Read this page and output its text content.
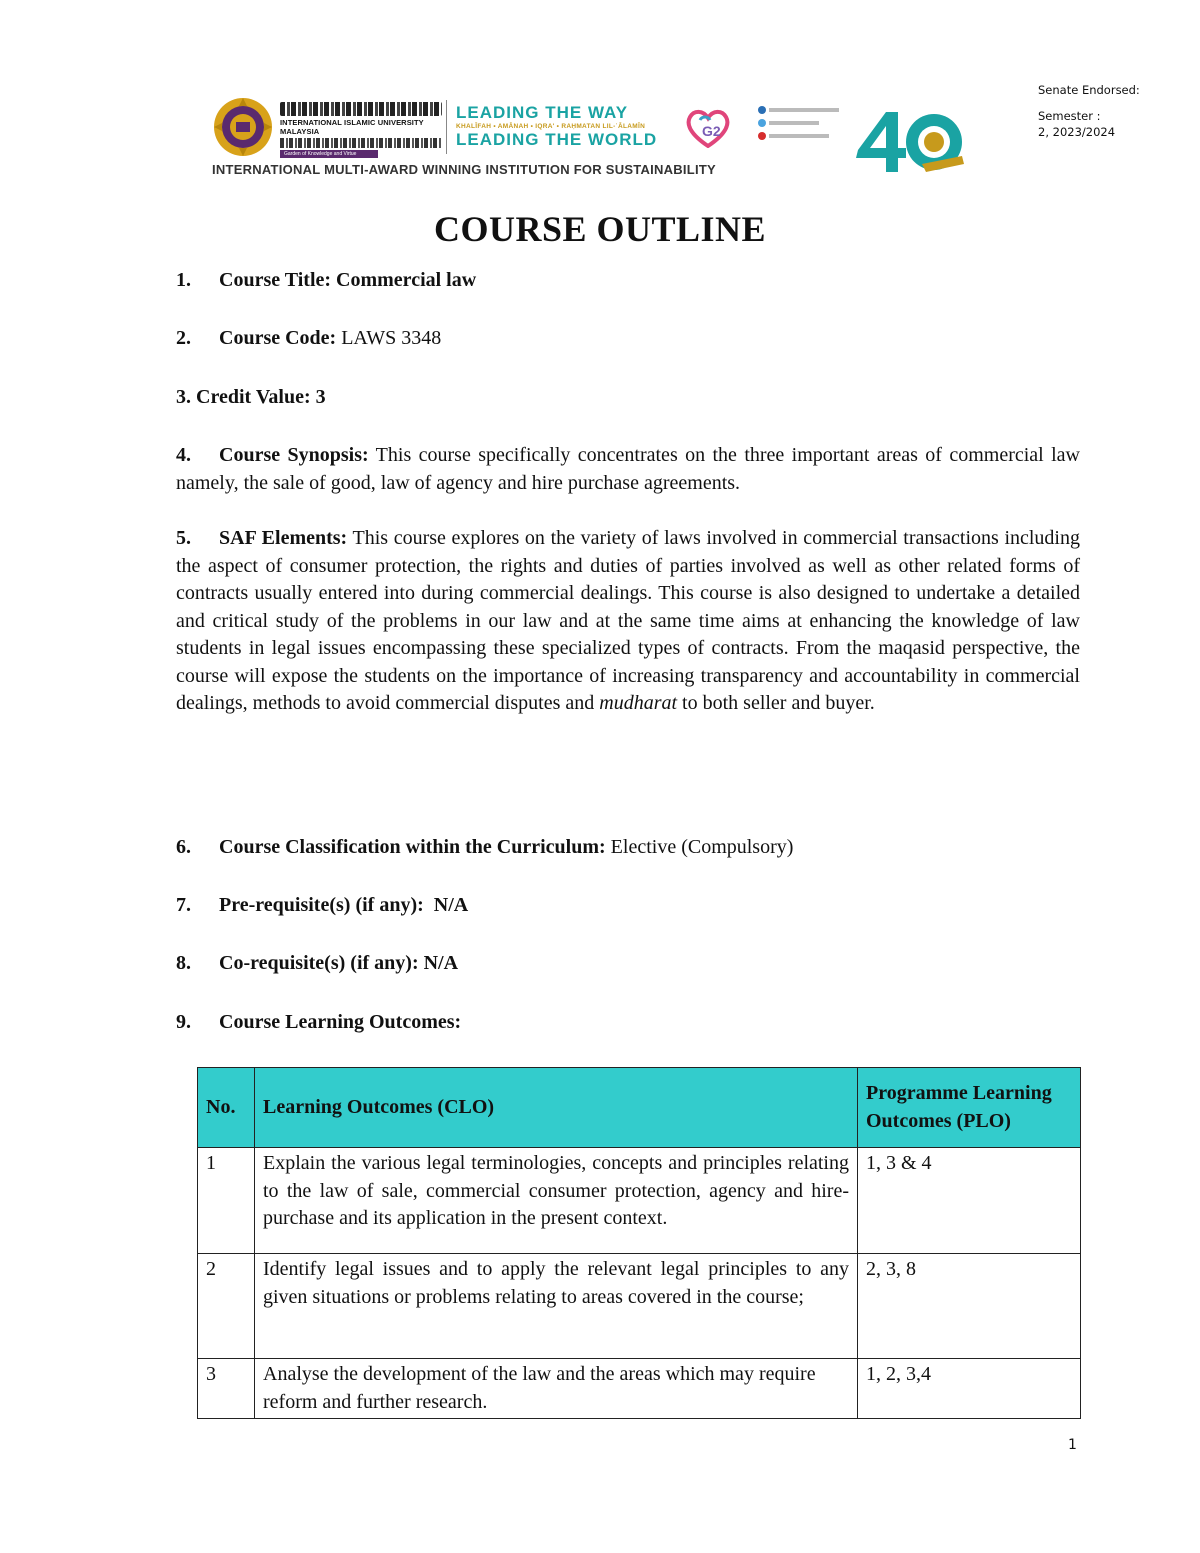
INTERNATIONAL ISLAMIC UNIVERSITY MALAYSIA
Garden of Knowledge and Virtue
LEADING THE WAY
KHALĪFAH • AMĀNAH • IQRA' • RAḤMATAN LIL-ʿĀLAMĪN
LEADING THE WORLD	G2
INTERNATIONAL MULTI-AWARD WINNING INSTITUTION FOR SUSTAINABILITY
Senate Endorsed:
Semester :
2, 2023/2024
COURSE OUTLINE
1. Course Title: Commercial law
2. Course Code: LAWS 3348
3. Credit Value: 3
4. Course Synopsis: This course specifically concentrates on the three important areas of commercial law namely, the sale of good, law of agency and hire purchase agreements.
5. SAF Elements: This course explores on the variety of laws involved in commercial transactions including the aspect of consumer protection, the rights and duties of parties involved as well as other related forms of contracts usually entered into during commercial dealings. This course is also designed to undertake a detailed and critical study of the problems in our law and at the same time aims at enhancing the knowledge of law students in legal issues encompassing these specialized types of contracts. From the maqasid perspective, the course will expose the students on the importance of increasing transparency and accountability in commercial dealings, methods to avoid commercial disputes and mudharat to both seller and buyer.
6. Course Classification within the Curriculum: Elective (Compulsory)
7. Pre-requisite(s) (if any):  N/A
8. Co-requisite(s) (if any): N/A
9. Course Learning Outcomes:
No.	Learning Outcomes (CLO)	Programme Learning Outcomes (PLO)
1	Explain the various legal terminologies, concepts and principles relating to the law of sale, commercial consumer protection, agency and hire-purchase and its application in the present context.	1, 3 & 4
2	Identify legal issues and to apply the relevant legal principles to any given situations or problems relating to areas covered in the course;	2, 3, 8
3	Analyse the development of the law and the areas which may require reform and further research.	1, 2, 3,4
1
